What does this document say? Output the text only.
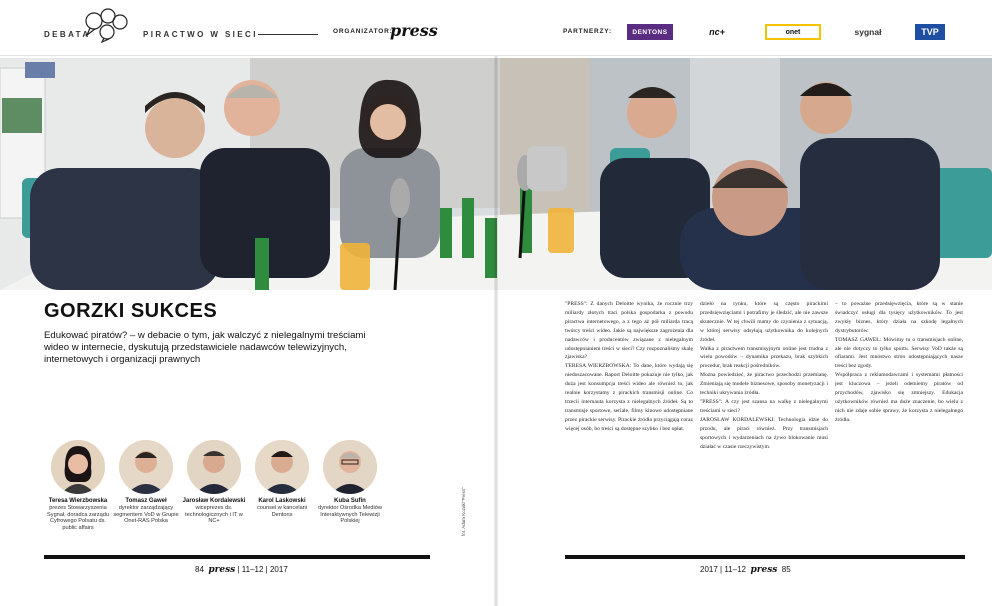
DEBATA	PIRACTWO W SIECI	ORGANIZATOR:
press	PARTNERZY:	DENTONS	nc+	onet	sygnał	TVP
GORZKI SUKCES

Edukować piratów? – w debacie o tym, jak walczyć z nielegalnymi treściami wideo w internecie, dyskutują przedstawiciele nadawców telewizyjnych, internetowych i organizacji prawnych

Teresa Wierzbowska
prezes Stowarzyszenia Sygnał, doradca zarządu Cyfrowego Polsatu ds. public affairs
Tomasz Gaweł
dyrektor zarządzający segmentem VoD w Grupie Onet-RAS Polska
Jarosław Kordalewski
wiceprezes ds. technologicznych i IT w NC+
Karol Laskowski
counsel w kancelarii Dentons
Kuba Sufin
dyrektor Ośrodka Mediów Interaktywnych Telewizji Polskiej
84 press | 11–12 | 2017
fot. Adam Kozak/"Press"
"PRESS": Z danych Deloitte wynika, że rocznie trzy miliardy złotych traci polska gospodarka z powodu piractwa internetowego, a z tego aż pół miliarda tracą twórcy treści wideo. Jakie są największe zagrożenia dla nadawców i producentów związane z nielegalnym udostępnianiem treści w sieci? Czy rozpoznaliśmy skalę zjawiska?
TERESA WIERZBOWSKA: To dane, które wydają się niedoszacowane. Raport Deloitte pokazuje nie tylko, jak duża jest konsumpcja treści wideo ale również to, jak realnie korzystamy z pirackich transmisji online. Co trzecii internauta korzysta z nielegalnych źródeł. Są to transmisje sportowe, seriale, filmy kinowe udostępniane przez pirackie serwisy. Pirackie źródła przyciągają coraz więcej osób, bo treści są dostępne szybko i bez opłat.
dzieło na rynku, które są często pirackimi przedsięwzięciami i potrafimy je śledzić, ale nie zawsze skutecznie. W tej chwili mamy do czynienia z sytuacją, w której serwisy odsyłają użytkownika do kolejnych źródeł.
Walka z piractwem transmisyjnym online jest trudna z wielu powodów – dynamika przekazu, brak szybkich procedur, brak reakcji pośredników.
Można powiedzieć, że piractwo przechodzi przemianę. Zmieniają się modele biznesowe, sposoby monetyzacji i techniki ukrywania źródła.
"PRESS": A czy jest szansa na walkę z nielegalnymi treściami w sieci?
JAROSŁAW KORDALEWSKI: Technologia idzie do przodu, ale piraci również. Przy transmisjach sportowych i wydarzeniach na żywo blokowanie musi działać w czasie rzeczywistym.
– to poważne przedsięwzięcia, które są w stanie świadczyć usługi dla tysięcy użytkowników. To jest zwykły biznes, który działa na szkodę legalnych dystrybutorów.
TOMASZ GAWEŁ: Mówimy tu o transmisjach online, ale nie dotyczy to tylko sportu. Serwisy VoD także są ofiarami. Jest mnóstwo stron udostępniających nasze treści bez zgody.
Współpraca z reklamodawcami i systemami płatności jest kluczowa – jeżeli odetniemy piratów od przychodów, zjawisko się zmniejszy. Edukacja użytkowników również ma duże znaczenie, bo wielu z nich nie zdaje sobie sprawy, że korzysta z nielegalnego źródła.
2017 | 11–12 press 85
